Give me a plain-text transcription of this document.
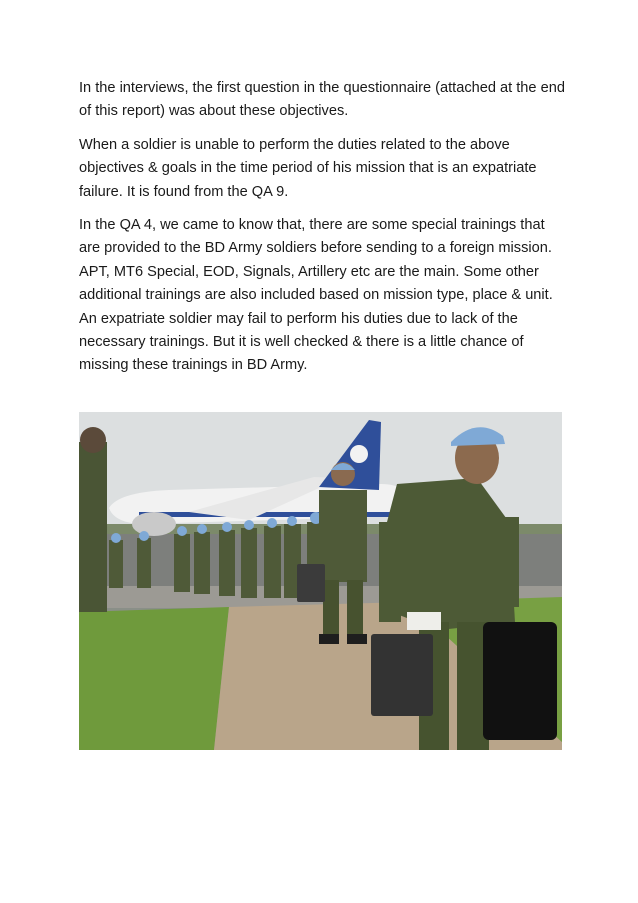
In the interviews, the first question in the questionnaire (attached at the end of this report) was about these objectives.

When a soldier is unable to perform the duties related to the above objectives & goals in the time period of his mission that is an expatriate failure. It is found from the QA 9.

In the QA 4, we came to know that, there are some special trainings that are provided to the BD Army soldiers before sending to a foreign mission. APT, MT6 Special, EOD, Signals, Artillery etc are the main. Some other additional trainings are also included based on mission type, place & unit. An expatriate soldier may fail to perform his duties due to lack of the necessary trainings. But it is well checked & there is a little chance of missing these trainings in BD Army.
